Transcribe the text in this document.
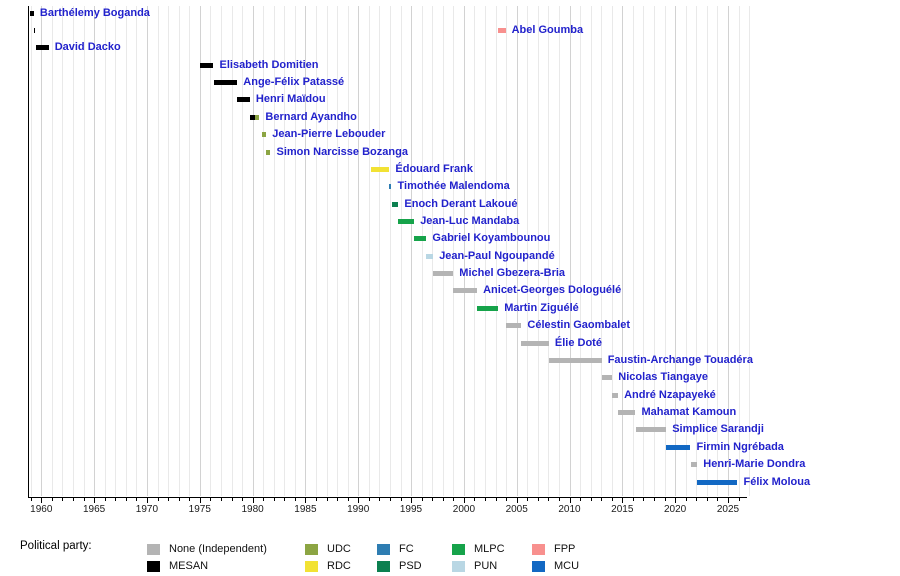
1960	1965	1970	1975	1980	1985	1990	1995	2000	2005	2010	2015	2020	2025
Barthélemy Boganda
Abel Goumba
David Dacko
Elisabeth Domitien
Ange-Félix Patassé
Henri Maïdou
Bernard Ayandho
Jean-Pierre Lebouder
Simon Narcisse Bozanga
Édouard Frank
Timothée Malendoma
Enoch Derant Lakoué
Jean-Luc Mandaba
Gabriel Koyambounou
Jean-Paul Ngoupandé
Michel Gbezera-Bria
Anicet-Georges Dologuélé
Martin Ziguélé
Célestin Gaombalet
Élie Doté
Faustin-Archange Touadéra
Nicolas Tiangaye
André Nzapayeké
Mahamat Kamoun
Simplice Sarandji
Firmin Ngrébada
Henri-Marie Dondra
Félix Moloua
Political party:	None (Independent)
MESAN
UDC
RDC
FC
PSD
MLPC
PUN
FPP
MCU
